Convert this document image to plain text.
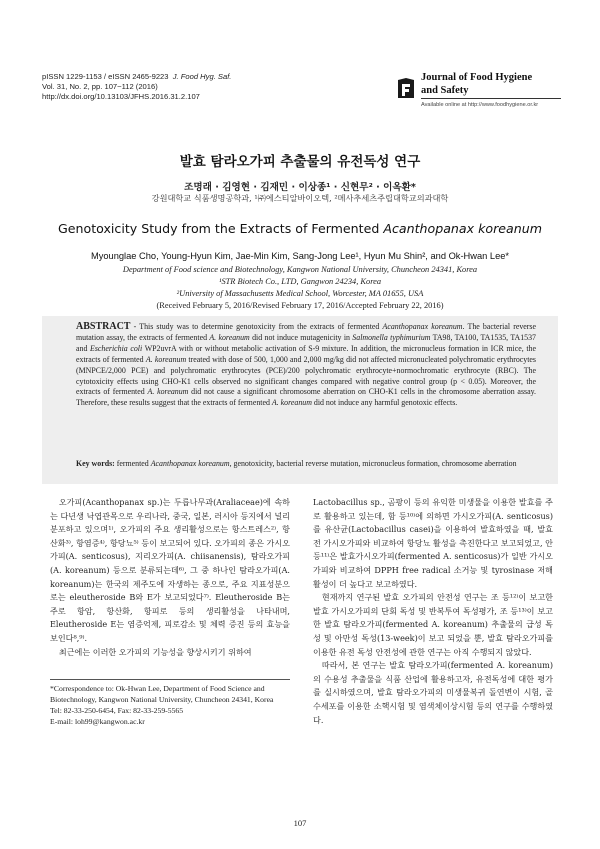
pISSN 1229-1153 / eISSN 2465-9223 J. Food Hyg. Saf.
Vol. 31, No. 2, pp. 107~112 (2016)
http://dx.doi.org/10.13103/JFHS.2016.31.2.107
Journal of Food Hygiene
and Safety
Available online at http://www.foodhygiene.or.kr
발효 탐라오가피 추출물의 유전독성 연구
조명래 · 김영현 · 김재민 · 이상종¹ · 신현무² · 이옥환*
강원대학교 식품생명공학과, ¹㈜에스티알바이오텍, ²메사추세츠주립대학교의과대학
Genotoxicity Study from the Extracts of Fermented Acanthopanax koreanum
Myounglae Cho, Young-Hyun Kim, Jae-Min Kim, Sang-Jong Lee¹, Hyun Mu Shin², and Ok-Hwan Lee*
Department of Food science and Biotechnology, Kangwon National University, Chuncheon 24341, Korea
¹STR Biotech Co., LTD, Gangwon 24234, Korea
²University of Massachusetts Medical School, Worcester, MA 01655, USA
(Received February 5, 2016/Revised February 17, 2016/Accepted February 22, 2016)
ABSTRACT - This study was to determine genotoxicity from the extracts of fermented Acanthopanax koreanum. The bacterial reverse mutation assay, the extracts of fermented A. koreanum did not induce mutagenicity in Salmonella typhimurium TA98, TA100, TA1535, TA1537 and Escherichia coli WP2uvrA with or without metabolic activation of S-9 mixture. In addition, the micronucleus formation in ICR mice, the extracts of fermented A. koreanum treated with dose of 500, 1,000 and 2,000 mg/kg did not affected micronucleated polychromatic erythrocytes (MNPCE/2,000 PCE) and polychromatic erythrocytes (PCE)/200 polychromatic erythrocyte+normochromatic erythrocyte (RBC). The cytotoxicity effects using CHO-K1 cells observed no significant changes compared with negative control group (p < 0.05). Moreover, the extracts of fermented A. koreanum did not cause a significant chromosome aberration on CHO-K1 cells in the chromosome aberration assay. Therefore, these results suggest that the extracts of fermented A. koreanum did not induce any harmful genotoxic effects.
Key words: fermented Acanthopanax koreanum, genotoxicity, bacterial reverse mutation, micronucleus formation, chromosome aberration

오가피(Acanthopanax sp.)는 두릅나무과(Araliaceae)에 속하는 다년생 낙엽관목으로 우리나라, 중국, 일본, 러시아 등지에서 널리 분포하고 있으며¹⁾, 오가피의 주요 생리활성으로는 항스트레스²⁾, 항산화³⁾, 항염증⁴⁾, 항당뇨⁵⁾ 등이 보고되어 있다. 오가피의 종은 가시오가피(A. senticosus), 지리오가피(A. chiisanensis), 탐라오가피(A. koreanum) 등으로 분류되는데⁶⁾, 그 중 하나인 탐라오가피(A. koreanum)는 한국의 제주도에 자생하는 종으로, 주요 지표성분으로는 eleutheroside B와 E가 보고되었다⁷⁾. Eleutheroside B는 주로 항암, 항산화, 항피로 등의 생리활성을 나타내며, Eleutheroside E는 염증억제, 피로감소 및 체력 증진 등의 효능을 보인다⁸,⁹⁾.

최근에는 이러한 오가피의 기능성을 향상시키기 위하여

Lactobacillus sp., 곰팡이 등의 유익한 미생물을 이용한 발효를 주로 활용하고 있는데, 함 등¹⁰⁾에 의하면 가시오가피(A. senticosus)를 유산균(Lactobacillus casei)을 이용하여 발효하였을 때, 발효 전 가시오가피와 비교하여 항당뇨 활성을 촉진한다고 보고되었고, 안 등¹¹⁾은 발효가시오가피(fermented A. senticosus)가 일반 가시오가피와 비교하여 DPPH free radical 소거능 및 tyrosinase 저해 활성이 더 높다고 보고하였다.

현재까지 연구된 발효 오가피의 안전성 연구는 조 등¹²⁾이 보고한 발효 가시오가피의 단회 독성 및 반복투여 독성평가, 조 등¹³⁾이 보고한 발효 탐라오가피(fermented A. koreanum) 추출물의 급성 독성 및 아만성 독성(13-week)이 보고 되었을 뿐, 발효 탐라오가피를 이용한 유전 독성 안전성에 관한 연구는 아직 수행되지 않았다.

따라서, 본 연구는 발효 탐라오가피(fermented A. koreanum)의 수용성 추출물을 식품 산업에 활용하고자, 유전독성에 대한 평가를 실시하였으며, 발효 탐라오가피의 미생물복귀 돌연변이 시험, 골수세포를 이용한 소핵시험 및 염색체이상시험 등의 연구를 수행하였다.

*Correspondence to: Ok-Hwan Lee, Department of Food Science and Biotechnology, Kangwon National University, Chuncheon 24341, Korea
Tel: 82-33-250-6454, Fax: 82-33-259-5565
E-mail: loh99@kangwon.ac.kr
107
